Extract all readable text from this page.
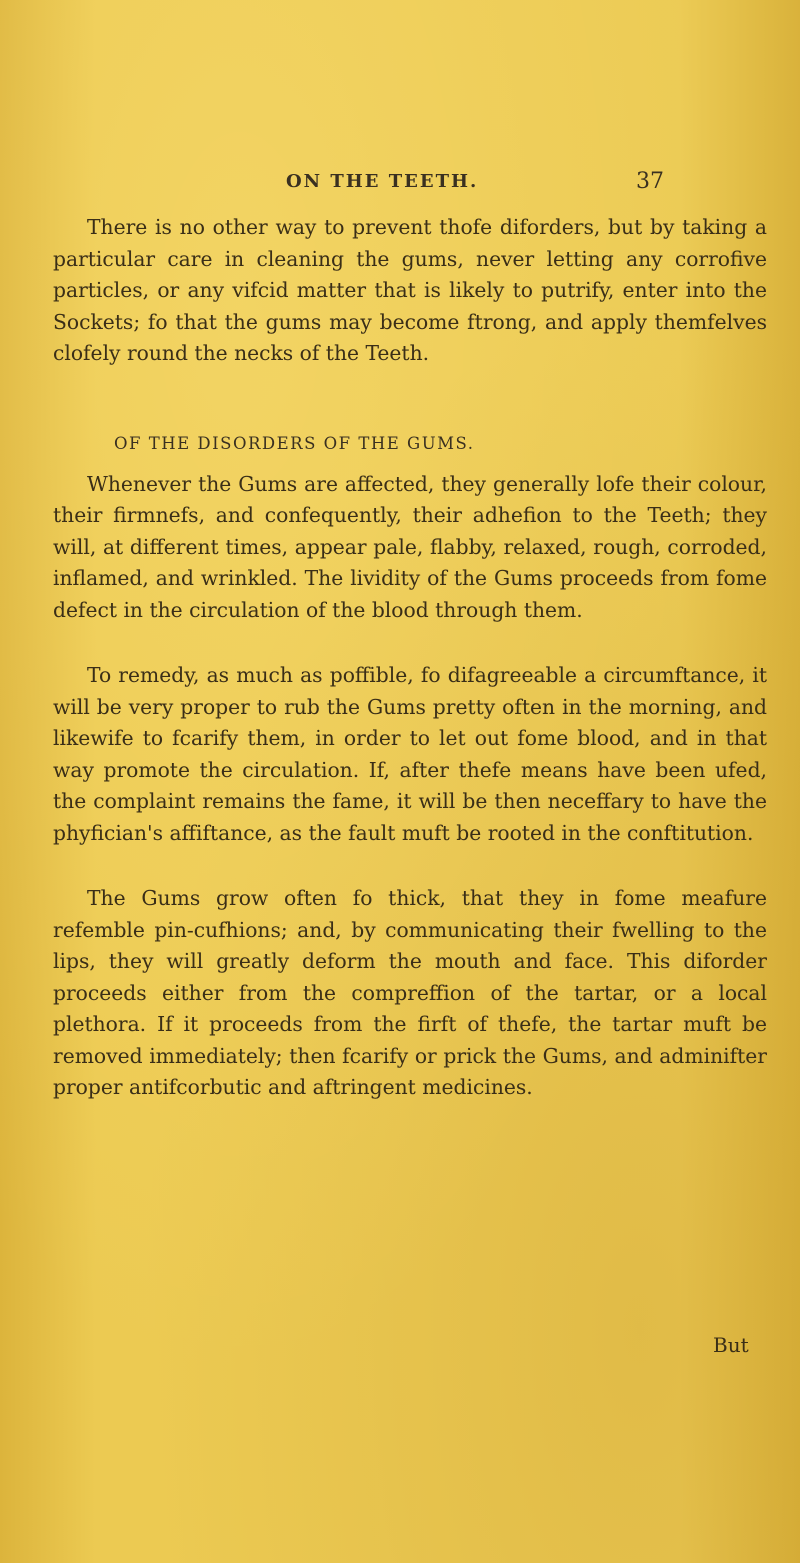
ON THE TEETH.	37

There is no other way to prevent thofe diforders, but by taking a particular care in cleaning the gums, never letting any corrofive particles, or any vifcid matter that is likely to putrify, enter into the Sockets; fo that the gums may become ftrong, and apply themfelves clofely round the necks of the Teeth.

OF THE DISORDERS OF THE GUMS.

Whenever the Gums are affected, they generally lofe their colour, their firmnefs, and confequently, their adhefion to the Teeth; they will, at different times, appear pale, flabby, relaxed, rough, corroded, inflamed, and wrinkled. The lividity of the Gums proceeds from fome defect in the circulation of the blood through them.

To remedy, as much as poffible, fo difagreeable a circumftance, it will be very proper to rub the Gums pretty often in the morning, and likewife to fcarify them, in order to let out fome blood, and in that way promote the circulation. If, after thefe means have been ufed, the complaint remains the fame, it will be then neceffary to have the phyfician's affiftance, as the fault muft be rooted in the conftitution.

The Gums grow often fo thick, that they in fome meafure refemble pin-cufhions; and, by communicating their fwelling to the lips, they will greatly deform the mouth and face. This diforder proceeds either from the compreffion of the tartar, or a local plethora. If it proceeds from the firft of thefe, the tartar muft be removed immediately; then fcarify or prick the Gums, and adminifter proper antifcorbutic and aftringent medicines.

But
